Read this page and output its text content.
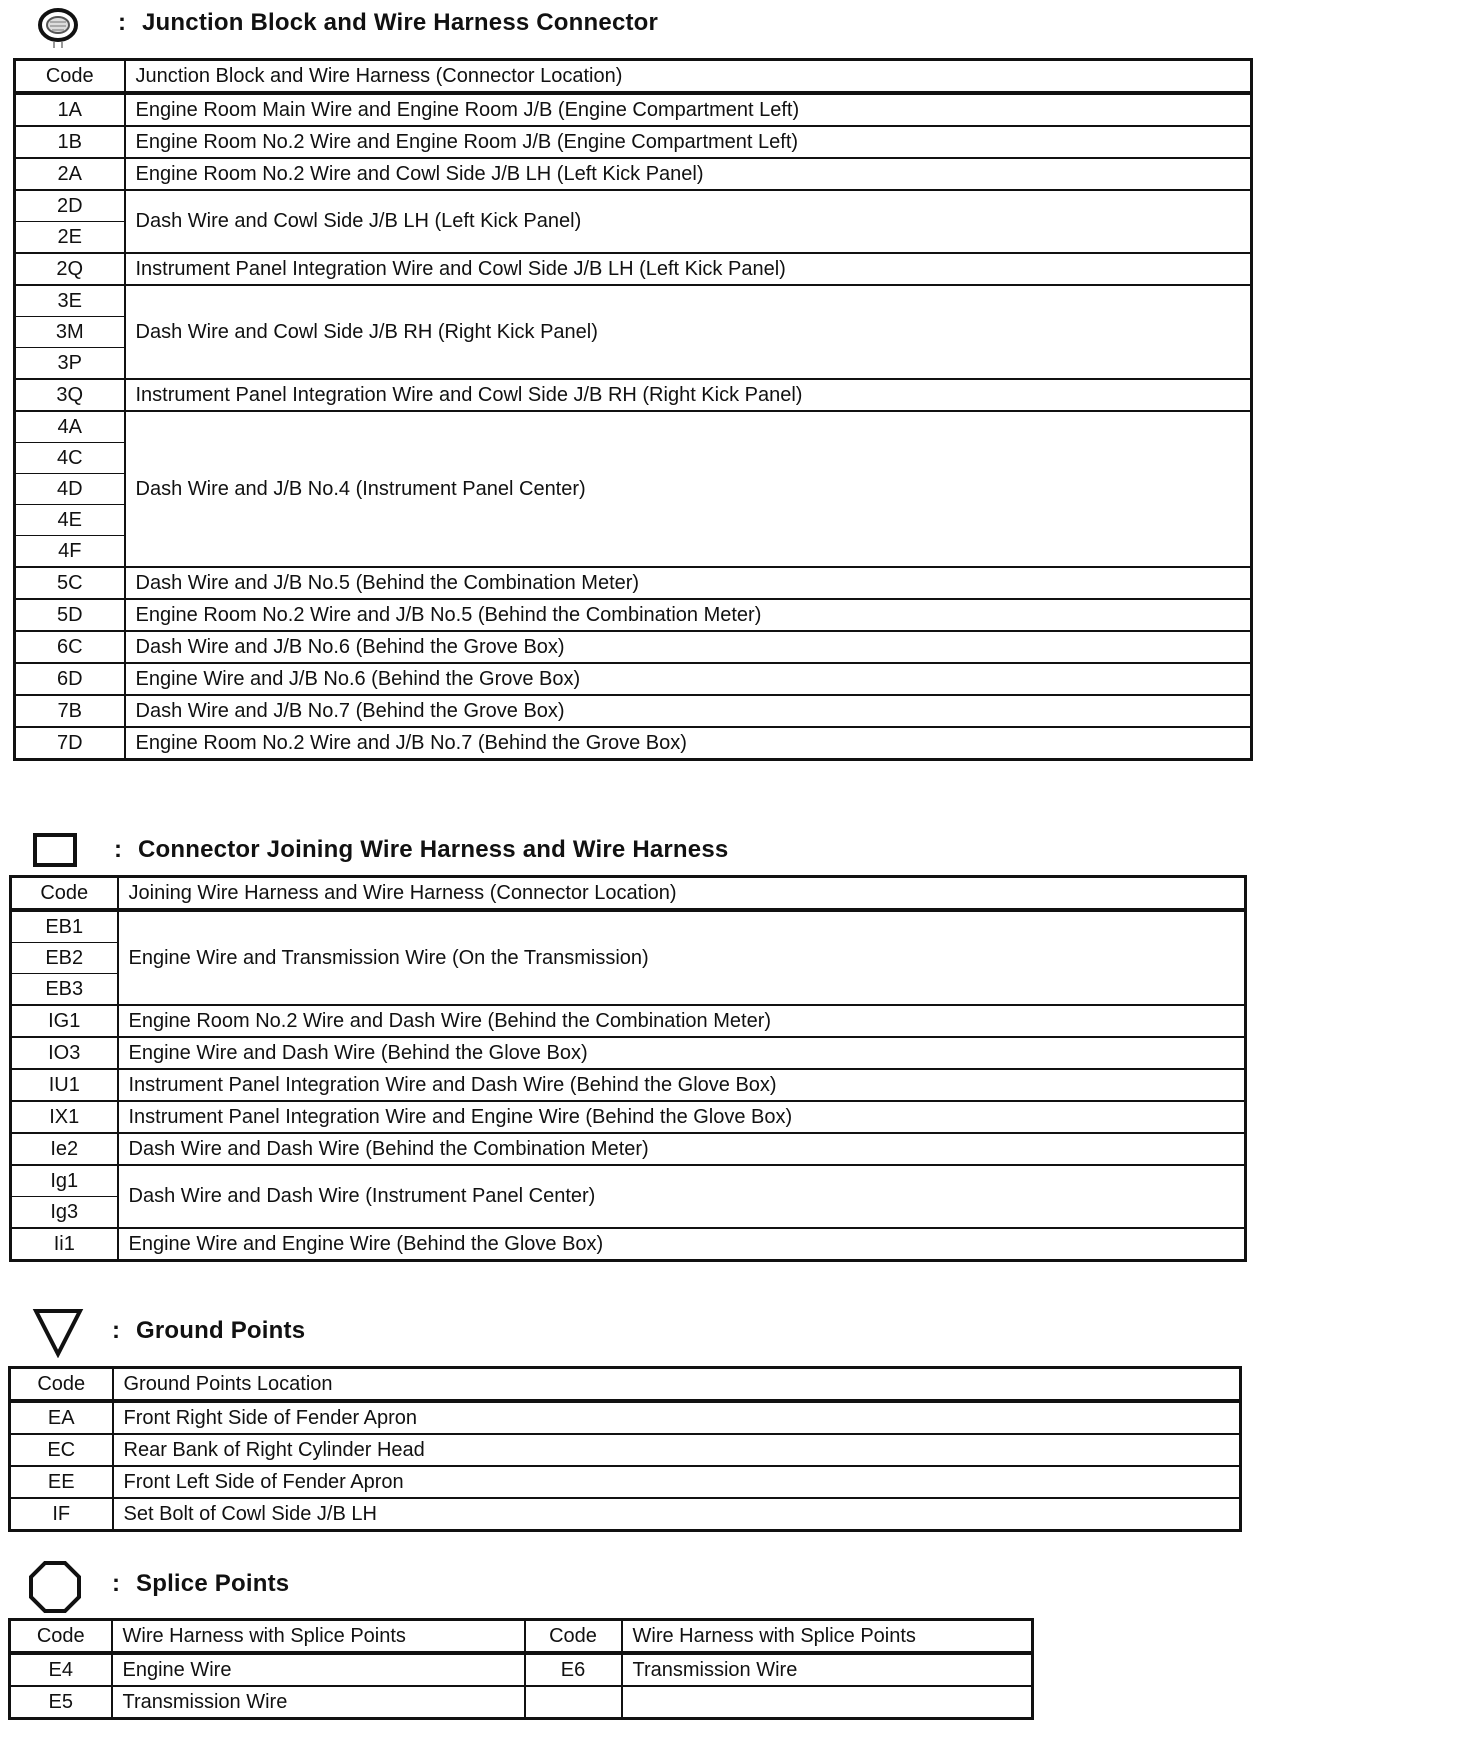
: Junction Block and Wire Harness Connector
Code	Junction Block and Wire Harness (Connector Location)
1A	Engine Room Main Wire and Engine Room J/B (Engine Compartment Left)
1B	Engine Room No.2 Wire and Engine Room J/B (Engine Compartment Left)
2A	Engine Room No.2 Wire and Cowl Side J/B LH (Left Kick Panel)
2D	Dash Wire and Cowl Side J/B LH (Left Kick Panel)
2E	
2Q	Instrument Panel Integration Wire and Cowl Side J/B LH (Left Kick Panel)
3E	Dash Wire and Cowl Side J/B RH (Right Kick Panel)
3M	
3P	
3Q	Instrument Panel Integration Wire and Cowl Side J/B RH (Right Kick Panel)
4A	Dash Wire and J/B No.4 (Instrument Panel Center)
4C	
4D	
4E	
4F	
5C	Dash Wire and J/B No.5 (Behind the Combination Meter)
5D	Engine Room No.2 Wire and J/B No.5 (Behind the Combination Meter)
6C	Dash Wire and J/B No.6 (Behind the Grove Box)
6D	Engine Wire and J/B No.6 (Behind the Grove Box)
7B	Dash Wire and J/B No.7 (Behind the Grove Box)
7D	Engine Room No.2 Wire and J/B No.7 (Behind the Grove Box)
: Connector Joining Wire Harness and Wire Harness
Code	Joining Wire Harness and Wire Harness (Connector Location)
EB1	Engine Wire and Transmission Wire (On the Transmission)
EB2	
EB3	
IG1	Engine Room No.2 Wire and Dash Wire (Behind the Combination Meter)
IO3	Engine Wire and Dash Wire (Behind the Glove Box)
IU1	Instrument Panel Integration Wire and Dash Wire (Behind the Glove Box)
IX1	Instrument Panel Integration Wire and Engine Wire (Behind the Glove Box)
Ie2	Dash Wire and Dash Wire (Behind the Combination Meter)
Ig1	Dash Wire and Dash Wire (Instrument Panel Center)
Ig3	
Ii1	Engine Wire and Engine Wire (Behind the Glove Box)
: Ground Points
Code	Ground Points Location
EA	Front Right Side of Fender Apron
EC	Rear Bank of Right Cylinder Head
EE	Front Left Side of Fender Apron
IF	Set Bolt of Cowl Side J/B LH
: Splice Points
Code	Wire Harness with Splice Points	Code	Wire Harness with Splice Points
E4	Engine Wire	E6	Transmission Wire
E5	Transmission Wire		
